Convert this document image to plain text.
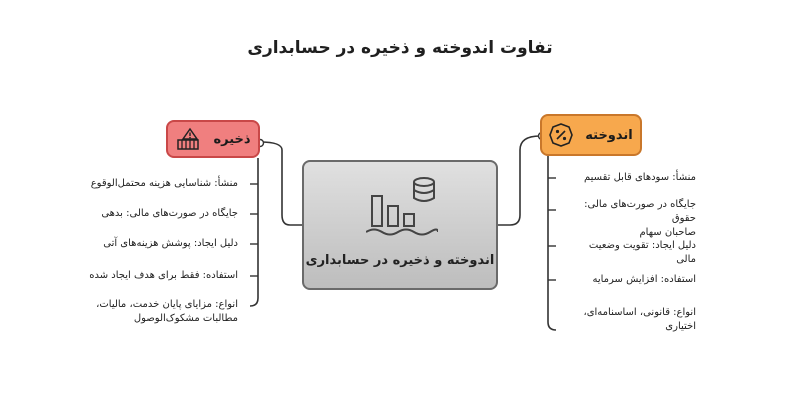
تفاوت اندوخته و ذخیره در حسابداری
اندوخته و ذخیره در حسابداری
اندوخته
ذخیره
منشأ: سودهای قابل تقسیم
جایگاه در صورت‌های مالی: حقوق
صاحبان سهام
دلیل ایجاد: تقویت وضعیت مالی
استفاده: افزایش سرمایه
انواع: قانونی، اساسنامه‌ای،
اختیاری
منشأ: شناسایی هزینه محتمل‌الوقوع
جایگاه در صورت‌های مالی: بدهی
دلیل ایجاد: پوشش هزینه‌های آتی
استفاده: فقط برای هدف ایجاد شده
انواع: مزایای پایان خدمت، مالیات،
مطالبات مشکوک‌الوصول
